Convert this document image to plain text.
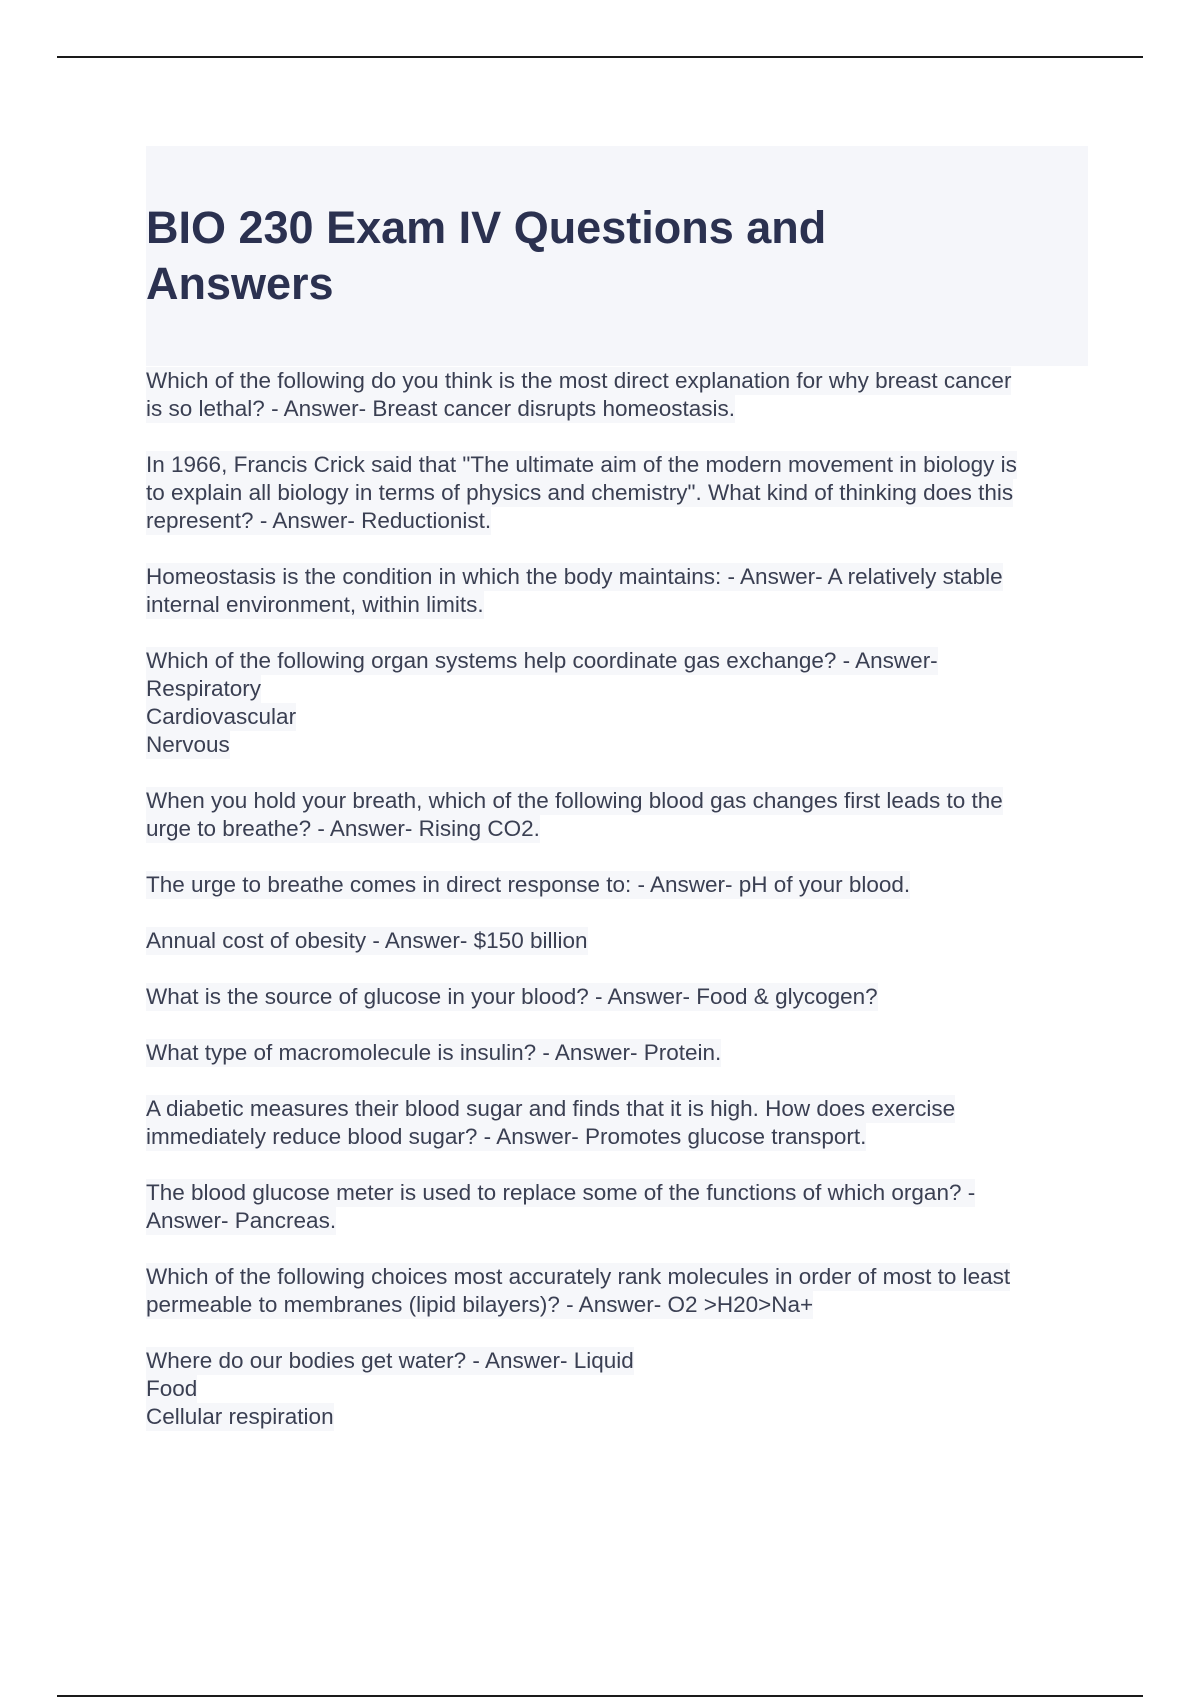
BIO 230 Exam IV Questions and
Answers
Which of the following do you think is the most direct explanation for why breast cancer
is so lethal? - Answer- Breast cancer disrupts homeostasis.
In 1966, Francis Crick said that "The ultimate aim of the modern movement in biology is
to explain all biology in terms of physics and chemistry". What kind of thinking does this
represent? - Answer- Reductionist.
Homeostasis is the condition in which the body maintains: - Answer- A relatively stable
internal environment, within limits.
Which of the following organ systems help coordinate gas exchange? - Answer-
Respiratory
Cardiovascular
Nervous
When you hold your breath, which of the following blood gas changes first leads to the
urge to breathe? - Answer- Rising CO2.
The urge to breathe comes in direct response to: - Answer- pH of your blood.
Annual cost of obesity - Answer- $150 billion
What is the source of glucose in your blood? - Answer- Food & glycogen?
What type of macromolecule is insulin? - Answer- Protein.
A diabetic measures their blood sugar and finds that it is high. How does exercise
immediately reduce blood sugar? - Answer- Promotes glucose transport.
The blood glucose meter is used to replace some of the functions of which organ? -
Answer- Pancreas.
Which of the following choices most accurately rank molecules in order of most to least
permeable to membranes (lipid bilayers)? - Answer- O2 >H20>Na+
Where do our bodies get water? - Answer- Liquid
Food
Cellular respiration
